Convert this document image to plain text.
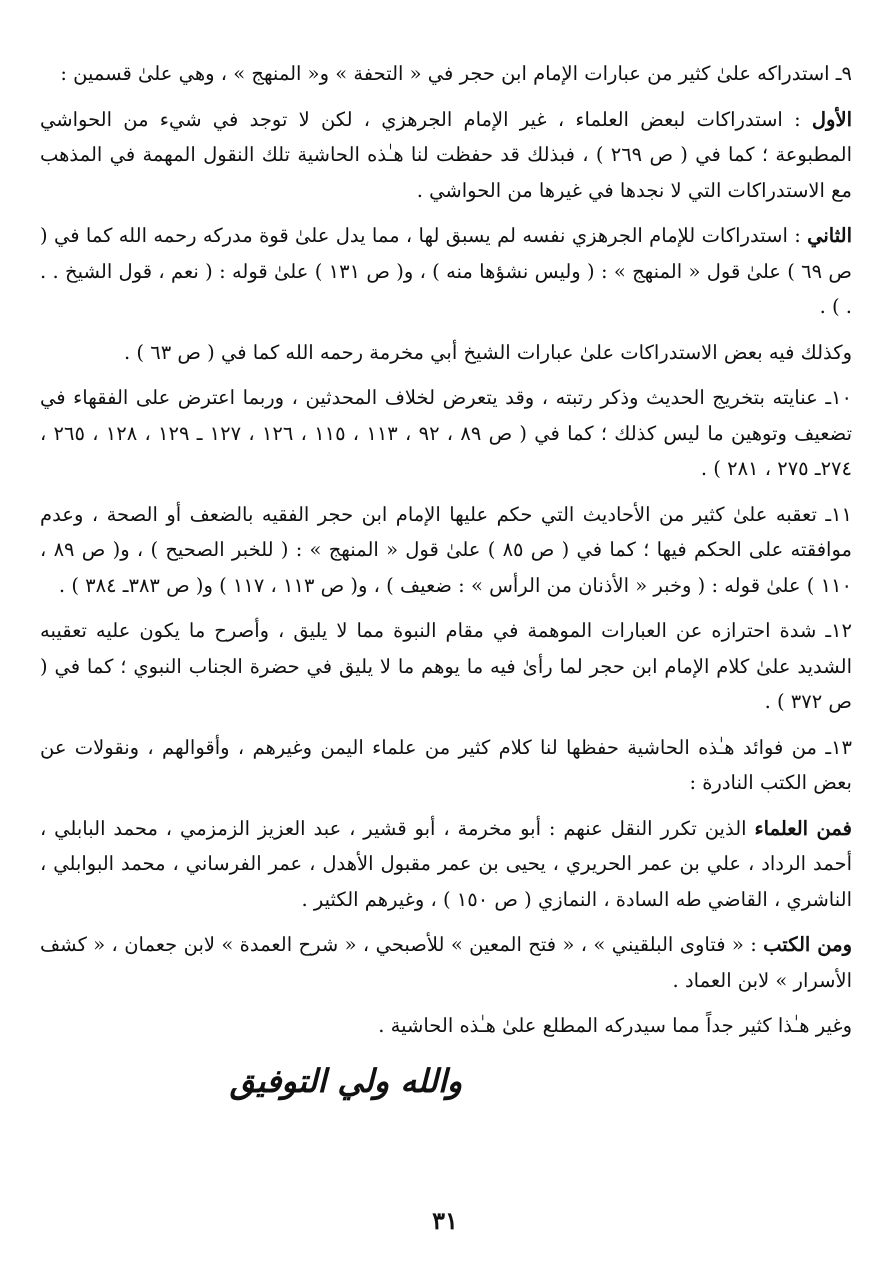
٩ـ استدراكه علىٰ كثير من عبارات الإمام ابن حجر في « التحفة » و« المنهج » ، وهي علىٰ قسمين :

الأول : استدراكات لبعض العلماء ، غير الإمام الجرهزي ، لكن لا توجد في شيء من الحواشي المطبوعة ؛ كما في ( ص ٢٦٩ ) ، فبذلك قد حفظت لنا هـٰذه الحاشية تلك النقول المهمة في المذهب مع الاستدراكات التي لا نجدها في غيرها من الحواشي .

الثاني : استدراكات للإمام الجرهزي نفسه لم يسبق لها ، مما يدل علىٰ قوة مدركه رحمه الله كما في ( ص ٦٩ ) علىٰ قول « المنهج » : ( وليس نشؤها منه ) ، و( ص ١٣١ ) علىٰ قوله : ( نعم ، قول الشيخ . . . ) .

وكذلك فيه بعض الاستدراكات علىٰ عبارات الشيخ أبي مخرمة رحمه الله كما في ( ص ٦٣ ) .

١٠ـ عنايته بتخريج الحديث وذكر رتبته ، وقد يتعرض لخلاف المحدثين ، وربما اعترض على الفقهاء في تضعيف وتوهين ما ليس كذلك ؛ كما في ( ص ٨٩ ، ٩٢ ، ١١٣ ، ١١٥ ، ١٢٦ ، ١٢٧ ـ ١٢٩ ، ١٢٨ ، ٢٦٥ ، ٢٧٤ـ ٢٧٥ ، ٢٨١ ) .

١١ـ تعقبه علىٰ كثير من الأحاديث التي حكم عليها الإمام ابن حجر الفقيه بالضعف أو الصحة ، وعدم موافقته على الحكم فيها ؛ كما في ( ص ٨٥ ) علىٰ قول « المنهج » : ( للخبر الصحيح ) ، و( ص ٨٩ ، ١١٠ ) علىٰ قوله : ( وخبر « الأذنان من الرأس » : ضعيف ) ، و( ص ١١٣ ، ١١٧ ) و( ص ٣٨٣ـ ٣٨٤ ) .

١٢ـ شدة احترازه عن العبارات الموهمة في مقام النبوة مما لا يليق ، وأصرح ما يكون عليه تعقيبه الشديد علىٰ كلام الإمام ابن حجر لما رأىٰ فيه ما يوهم ما لا يليق في حضرة الجناب النبوي ؛ كما في ( ص ٣٧٢ ) .

١٣ـ من فوائد هـٰذه الحاشية حفظها لنا كلام كثير من علماء اليمن وغيرهم ، وأقوالهم ، ونقولات عن بعض الكتب النادرة :

فمن العلماء الذين تكرر النقل عنهم : أبو مخرمة ، أبو قشير ، عبد العزيز الزمزمي ، محمد البابلي ، أحمد الرداد ، علي بن عمر الحريري ، يحيى بن عمر مقبول الأهدل ، عمر الفرساني ، محمد البوابلي ، الناشري ، القاضي طه السادة ، النمازي ( ص ١٥٠ ) ، وغيرهم الكثير .

ومن الكتب : « فتاوى البلقيني » ، « فتح المعين » للأصبحي ، « شرح العمدة » لابن جعمان ، « كشف الأسرار » لابن العماد .

وغير هـٰذا كثير جداً مما سيدركه المطلع علىٰ هـٰذه الحاشية .

والله ولي التوفيق
٣١
